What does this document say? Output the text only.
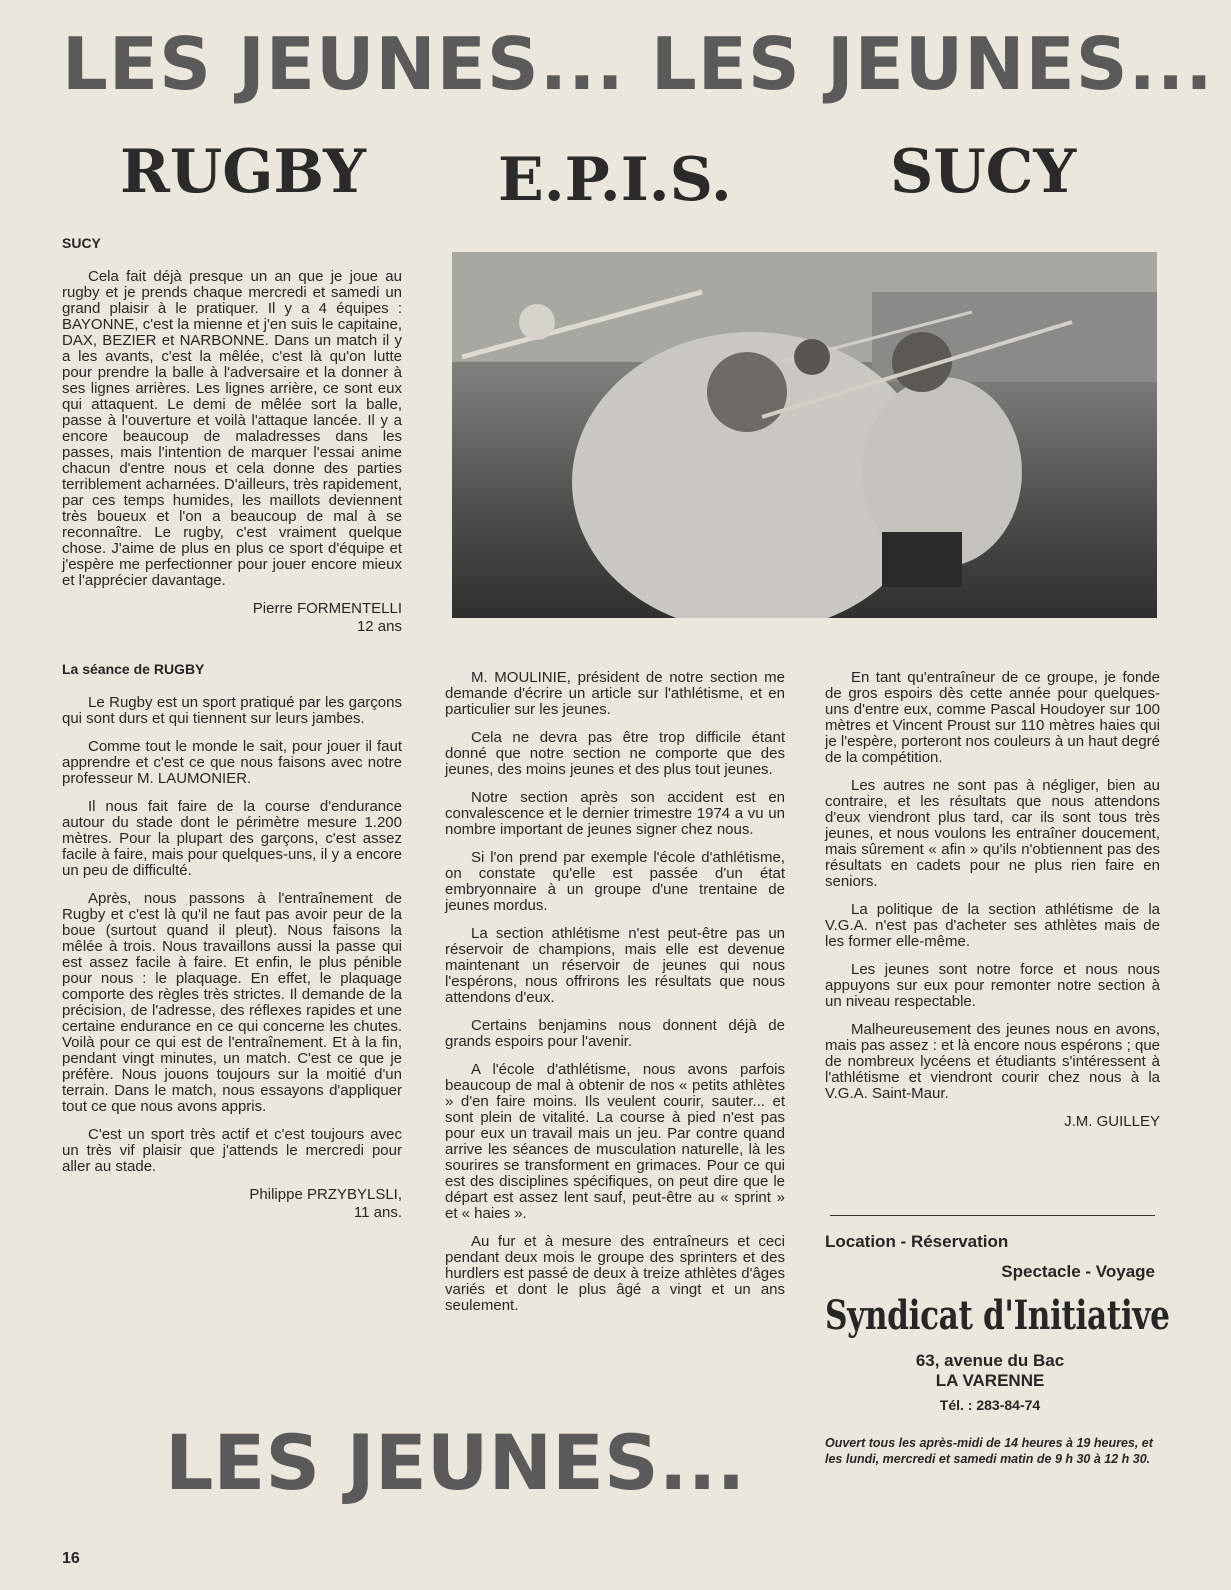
LES JEUNES... LES JEUNES...
RUGBY E.P.I.S.	SUCY
SUCY

Cela fait déjà presque un an que je joue au rugby et je prends chaque mercredi et samedi un grand plaisir à le pratiquer. Il y a 4 équipes : BAYONNE, c'est la mienne et j'en suis le capitaine, DAX, BEZIER et NARBONNE. Dans un match il y a les avants, c'est la mêlée, c'est là qu'on lutte pour prendre la balle à l'adversaire et la donner à ses lignes arrières. Les lignes arrière, ce sont eux qui attaquent. Le demi de mêlée sort la balle, passe à l'ouverture et voilà l'attaque lancée. Il y a encore beaucoup de maladresses dans les passes, mais l'intention de marquer l'essai anime chacun d'entre nous et cela donne des parties terriblement acharnées. D'ailleurs, très rapidement, par ces temps humides, les maillots deviennent très boueux et l'on a beaucoup de mal à se reconnaître. Le rugby, c'est vraiment quelque chose. J'aime de plus en plus ce sport d'équipe et j'espère me perfectionner pour jouer encore mieux et l'apprécier davantage.

Pierre FORMENTELLI
12 ans
La séance de RUGBY

Le Rugby est un sport pratiqué par les garçons qui sont durs et qui tiennent sur leurs jambes.

Comme tout le monde le sait, pour jouer il faut apprendre et c'est ce que nous faisons avec notre professeur M. LAUMONIER.

Il nous fait faire de la course d'endurance autour du stade dont le périmètre mesure 1.200 mètres. Pour la plupart des garçons, c'est assez facile à faire, mais pour quelques-uns, il y a encore un peu de difficulté.

Après, nous passons à l'entraînement de Rugby et c'est là qu'il ne faut pas avoir peur de la boue (surtout quand il pleut). Nous faisons la mêlée à trois. Nous travaillons aussi la passe qui est assez facile à faire. Et enfin, le plus pénible pour nous : le plaquage. En effet, le plaquage comporte des règles très strictes. Il demande de la précision, de l'adresse, des réflexes rapides et une certaine endurance en ce qui concerne les chutes. Voilà pour ce qui est de l'entraînement. Et à la fin, pendant vingt minutes, un match. C'est ce que je préfère. Nous jouons toujours sur la moitié d'un terrain. Dans le match, nous essayons d'appliquer tout ce que nous avons appris.

C'est un sport très actif et c'est toujours avec un très vif plaisir que j'attends le mercredi pour aller au stade.

Philippe PRZYBYLSLI,
11 ans.

M. MOULINIE, président de notre section me demande d'écrire un article sur l'athlétisme, et en particulier sur les jeunes.

Cela ne devra pas être trop difficile étant donné que notre section ne comporte que des jeunes, des moins jeunes et des plus tout jeunes.

Notre section après son accident est en convalescence et le dernier trimestre 1974 a vu un nombre important de jeunes signer chez nous.

Si l'on prend par exemple l'école d'athlétisme, on constate qu'elle est passée d'un état embryonnaire à un groupe d'une trentaine de jeunes mordus.

La section athlétisme n'est peut-être pas un réservoir de champions, mais elle est devenue maintenant un réservoir de jeunes qui nous l'espérons, nous offrirons les résultats que nous attendons d'eux.

Certains benjamins nous donnent déjà de grands espoirs pour l'avenir.

A l'école d'athlétisme, nous avons parfois beaucoup de mal à obtenir de nos « petits athlètes » d'en faire moins. Ils veulent courir, sauter... et sont plein de vitalité. La course à pied n'est pas pour eux un travail mais un jeu. Par contre quand arrive les séances de musculation naturelle, là les sourires se transforment en grimaces. Pour ce qui est des disciplines spécifiques, on peut dire que le départ est assez lent sauf, peut-être au « sprint » et « haies ».

Au fur et à mesure des entraîneurs et ceci pendant deux mois le groupe des sprinters et des hurdlers est passé de deux à treize athlètes d'âges variés et dont le plus âgé a vingt et un ans seulement.

En tant qu'entraîneur de ce groupe, je fonde de gros espoirs dès cette année pour quelques-uns d'entre eux, comme Pascal Houdoyer sur 100 mètres et Vincent Proust sur 110 mètres haies qui je l'espère, porteront nos couleurs à un haut degré de la compétition.

Les autres ne sont pas à négliger, bien au contraire, et les résultats que nous attendons d'eux viendront plus tard, car ils sont tous très jeunes, et nous voulons les entraîner doucement, mais sûrement « afin » qu'ils n'obtiennent pas des résultats en cadets pour ne plus rien faire en seniors.

La politique de la section athlétisme de la V.G.A. n'est pas d'acheter ses athlètes mais de les former elle-même.

Les jeunes sont notre force et nous nous appuyons sur eux pour remonter notre section à un niveau respectable.

Malheureusement des jeunes nous en avons, mais pas assez : et là encore nous espérons ; que de nombreux lycéens et étudiants s'intéressent à l'athlétisme et viendront courir chez nous à la V.G.A. Saint-Maur.

J.M. GUILLEY
Location - Réservation
Spectacle - Voyage
Syndicat d'Initiative
63, avenue du Bac
LA VARENNE
Tél. : 283-84-74
Ouvert tous les après-midi de 14 heures à 19 heures, et les lundi, mercredi et samedi matin de 9 h 30 à 12 h 30.
LES JEUNES...
16
